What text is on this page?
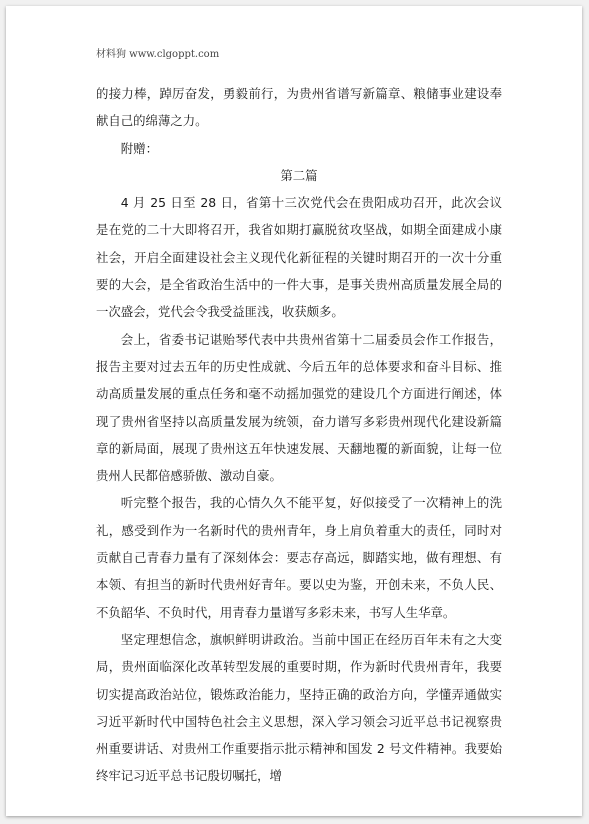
材料狗 www.clgoppt.com

的接力棒，踔厉奋发，勇毅前行，为贵州省谱写新篇章、粮储事业建设奉献自己的绵薄之力。

附赠：

第二篇

4 月 25 日至 28 日，省第十三次党代会在贵阳成功召开，此次会议是在党的二十大即将召开，我省如期打赢脱贫攻坚战，如期全面建成小康社会，开启全面建设社会主义现代化新征程的关键时期召开的一次十分重要的大会，是全省政治生活中的一件大事，是事关贵州高质量发展全局的一次盛会，党代会令我受益匪浅，收获颇多。

会上，省委书记谌贻琴代表中共贵州省第十二届委员会作工作报告，报告主要对过去五年的历史性成就、今后五年的总体要求和奋斗目标、推动高质量发展的重点任务和毫不动摇加强党的建设几个方面进行阐述，体现了贵州省坚持以高质量发展为统领，奋力谱写多彩贵州现代化建设新篇章的新局面，展现了贵州这五年快速发展、天翻地覆的新面貌，让每一位贵州人民都倍感骄傲、激动自豪。

听完整个报告，我的心情久久不能平复，好似接受了一次精神上的洗礼，感受到作为一名新时代的贵州青年，身上肩负着重大的责任，同时对贡献自己青春力量有了深刻体会：要志存高远，脚踏实地，做有理想、有本领、有担当的新时代贵州好青年。要以史为鉴，开创未来，不负人民、不负韶华、不负时代，用青春力量谱写多彩未来，书写人生华章。

坚定理想信念，旗帜鲜明讲政治。当前中国正在经历百年未有之大变局，贵州面临深化改革转型发展的重要时期，作为新时代贵州青年，我要切实提高政治站位，锻炼政治能力，坚持正确的政治方向，学懂弄通做实习近平新时代中国特色社会主义思想，深入学习领会习近平总书记视察贵州重要讲话、对贵州工作重要指示批示精神和国发 2 号文件精神。我要始终牢记习近平总书记殷切嘱托，增
